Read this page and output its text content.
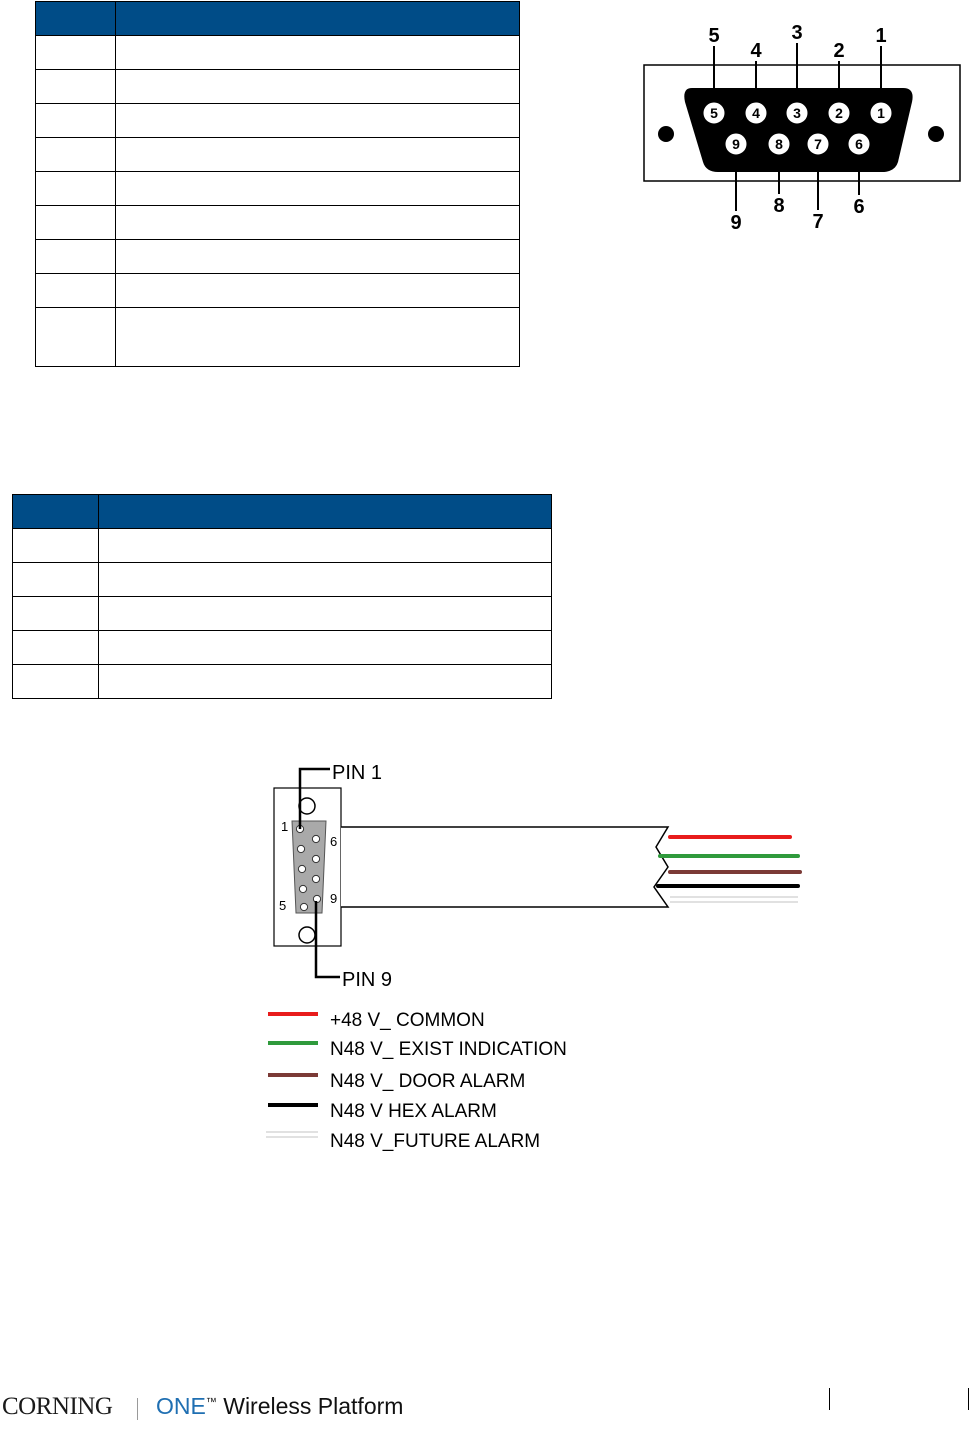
5
5
4
4
3
3
2
2
1
1
9
9
8
8
7
7
6
6

PIN 1
PIN 9
1
6
5	9
+48 V_ COMMON
N48 V_ EXIST INDICATION
N48 V_ DOOR ALARM
N48 V HEX ALARM
N48 V_FUTURE ALARM
CORNING ONE™ Wireless Platform
